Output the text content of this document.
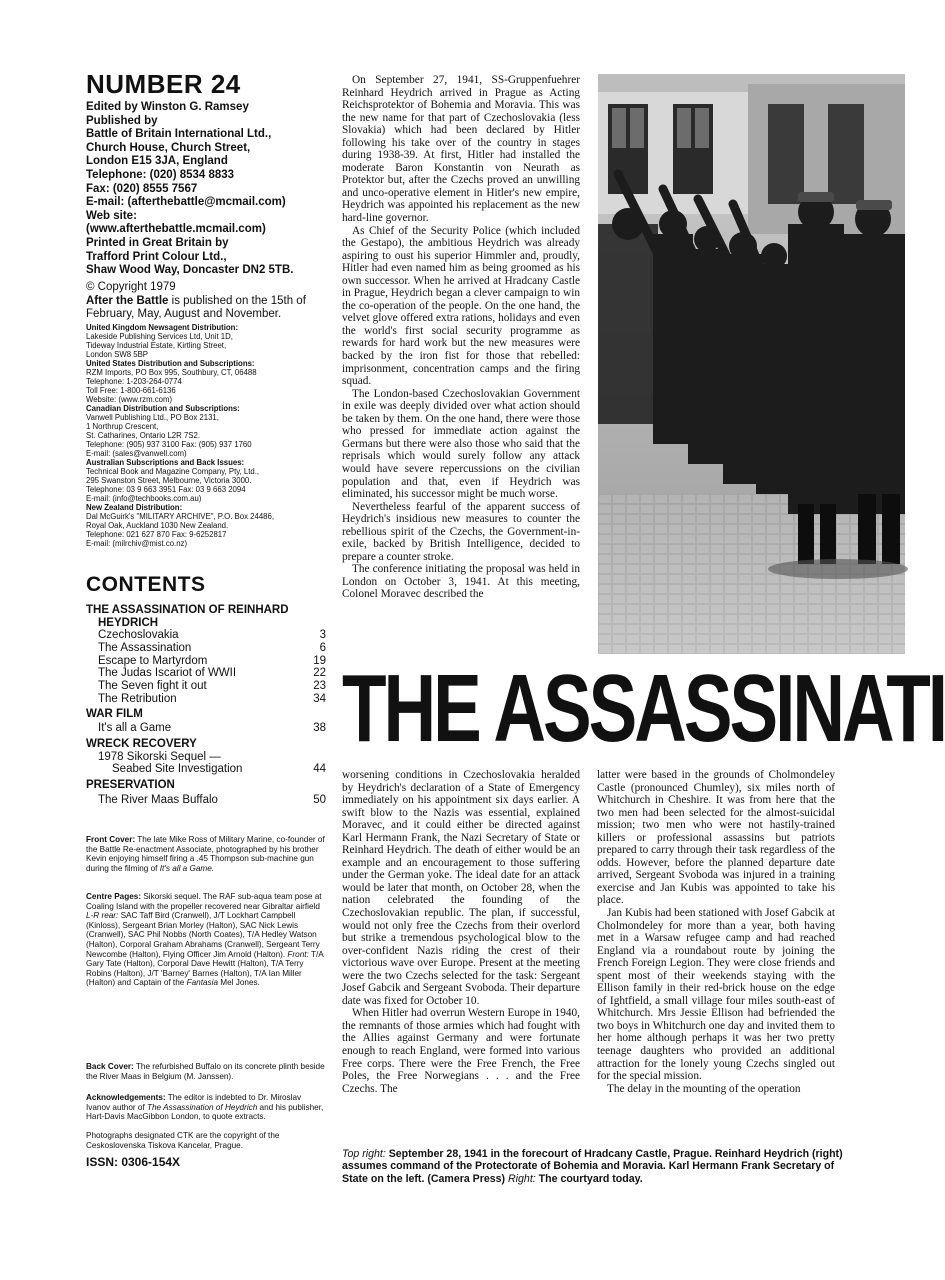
NUMBER 24
Edited by Winston G. Ramsey
Published by
Battle of Britain International Ltd.,
Church House, Church Street,
London E15 3JA, England
Telephone: (020) 8534 8833
Fax: (020) 8555 7567
E-mail: (afterthebattle@mcmail.com)
Web site:
(www.afterthebattle.mcmail.com)
Printed in Great Britain by
Trafford Print Colour Ltd.,
Shaw Wood Way, Doncaster DN2 5TB.
© Copyright 1979
After the Battle is published on the 15th of February, May, August and November.
United Kingdom Newsagent Distribution:
Lakeside Publishing Services Ltd, Unit 1D,
Tideway Industrial Estate, Kirtling Street,
London SW8 5BP
United States Distribution and Subscriptions:
RZM Imports, PO Box 995, Southbury, CT, 06488
Telephone: 1-203-264-0774
Toll Free: 1-800-661-6136
Website: (www.rzm.com)
Canadian Distribution and Subscriptions:
Vanwell Publishing Ltd., PO Box 2131,
1 Northrup Crescent,
St. Catharines, Ontario L2R 7S2.
Telephone: (905) 937 3100 Fax: (905) 937 1760
E-mail: (sales@vanwell.com)
Australian Subscriptions and Back Issues:
Technical Book and Magazine Company, Pty, Ltd.,
295 Swanston Street, Melbourne, Victoria 3000.
Telephone: 03 9 663 3951 Fax: 03 9 663 2094
E-mail: (info@techbooks.com.au)
New Zealand Distribution:
Dal McGuirk's "MILITARY ARCHIVE", P.O. Box 24486,
Royal Oak, Auckland 1030 New Zealand.
Telephone: 021 627 870 Fax: 9-6252817
E-mail: (milrchiv@mist.co.nz)
CONTENTS
THE ASSASSINATION OF REINHARD
HEYDRICH
Czechoslovakia	3
The Assassination	6
Escape to Martyrdom	19
The Judas Iscariot of WWII	22
The Seven fight it out	23
The Retribution	34
WAR FILM
It's all a Game	38
WRECK RECOVERY
1978 Sikorski Sequel —
Seabed Site Investigation	44
PRESERVATION
The River Maas Buffalo	50
Front Cover: The late Mike Ross of Military Marine, co-founder of the Battle Re-enactment Associate, photographed by his brother Kevin enjoying himself firing a .45 Thompson sub-machine gun during the filming of It's all a Game.
Centre Pages: Sikorski sequel. The RAF sub-aqua team pose at Coaling Island with the propeller recovered near Gibraltar airfield L-R rear: SAC Taff Bird (Cranwell), J/T Lockhart Campbell (Kinloss), Sergeant Brian Morley (Halton), SAC Nick Lewis (Cranwell), SAC Phil Nobbs (North Coates), T/A Hedley Watson (Halton), Corporal Graham Abrahams (Cranwell), Sergeant Terry Newcombe (Halton), Flying Officer Jim Arnold (Halton). Front: T/A Gary Tate (Halton), Corporal Dave Hewitt (Halton), T/A Terry Robins (Halton), J/T 'Barney' Barnes (Halton), T/A Ian Miller (Halton) and Captain of the Fantasia Mel Jones.
Back Cover: The refurbished Buffalo on its concrete plinth beside the River Maas in Belgium (M. Janssen).
Acknowledgements: The editor is indebted to Dr. Miroslav Ivanov author of The Assassination of Heydrich and his publisher, Hart-Davis MacGibbon London, to quote extracts.
Photographs designated CTK are the copyright of the Ceskoslovenska Tiskova Kancelar, Prague.
ISSN: 0306-154X

On September 27, 1941, SS-Gruppenfuehrer Reinhard Heydrich arrived in Prague as Acting Reichsprotektor of Bohemia and Moravia. This was the new name for that part of Czechoslovakia (less Slovakia) which had been declared by Hitler following his take over of the country in stages during 1938-39. At first, Hitler had installed the moderate Baron Konstantin von Neurath as Protektor but, after the Czechs proved an unwilling and unco-operative element in Hitler's new empire, Heydrich was appointed his replacement as the new hard-line governor.

As Chief of the Security Police (which included the Gestapo), the ambitious Heydrich was already aspiring to oust his superior Himmler and, proudly, Hitler had even named him as being groomed as his own successor. When he arrived at Hradcany Castle in Prague, Heydrich began a clever campaign to win the co-operation of the people. On the one hand, the velvet glove offered extra rations, holidays and even the world's first social security programme as rewards for hard work but the new measures were backed by the iron fist for those that rebelled: imprisonment, concentration camps and the firing squad.

The London-based Czechoslovakian Government in exile was deeply divided over what action should be taken by them. On the one hand, there were those who pressed for immediate action against the Germans but there were also those who said that the reprisals which would surely follow any attack would have severe repercussions on the civilian population and that, even if Heydrich was eliminated, his successor might be much worse.

Nevertheless fearful of the apparent success of Heydrich's insidious new measures to counter the rebellious spirit of the Czechs, the Government-in-exile, backed by British Intelligence, decided to prepare a counter stroke.

The conference initiating the proposal was held in London on October 3, 1941. At this meeting, Colonel Moravec described the

THE ASSASSINATI

worsening conditions in Czechoslovakia heralded by Heydrich's declaration of a State of Emergency immediately on his appointment six days earlier. A swift blow to the Nazis was essential, explained Moravec, and it could either be directed against Karl Hermann Frank, the Nazi Secretary of State or Reinhard Heydrich. The death of either would be an example and an encouragement to those suffering under the German yoke. The ideal date for an attack would be later that month, on October 28, when the nation celebrated the founding of the Czechoslovakian republic. The plan, if successful, would not only free the Czechs from their overlord but strike a tremendous psychological blow to the over-confident Nazis riding the crest of their victorious wave over Europe. Present at the meeting were the two Czechs selected for the task: Sergeant Josef Gabcik and Sergeant Svoboda. Their departure date was fixed for October 10.

When Hitler had overrun Western Europe in 1940, the remnants of those armies which had fought with the Allies against Germany and were fortunate enough to reach England, were formed into various Free corps. There were the Free French, the Free Poles, the Free Norwegians . . . and the Free Czechs. The

latter were based in the grounds of Cholmondeley Castle (pronounced Chumley), six miles north of Whitchurch in Cheshire. It was from here that the two men had been selected for the almost-suicidal mission; two men who were not hastily-trained killers or professional assassins but patriots prepared to carry through their task regardless of the odds. However, before the planned departure date arrived, Sergeant Svoboda was injured in a training exercise and Jan Kubis was appointed to take his place.

Jan Kubis had been stationed with Josef Gabcik at Cholmondeley for more than a year, both having met in a Warsaw refugee camp and had reached England via a roundabout route by joining the French Foreign Legion. They were close friends and spent most of their weekends staying with the Ellison family in their red-brick house on the edge of Ightfield, a small village four miles south-east of Whitchurch. Mrs Jessie Ellison had befriended the two boys in Whitchurch one day and invited them to her home although perhaps it was her two pretty teenage daughters who provided an additional attraction for the lonely young Czechs singled out for the special mission.

The delay in the mounting of the operation

Top right: September 28, 1941 in the forecourt of Hradcany Castle, Prague. Reinhard Heydrich (right) assumes command of the Protectorate of Bohemia and Moravia. Karl Hermann Frank Secretary of State on the left. (Camera Press) Right: The courtyard today.
